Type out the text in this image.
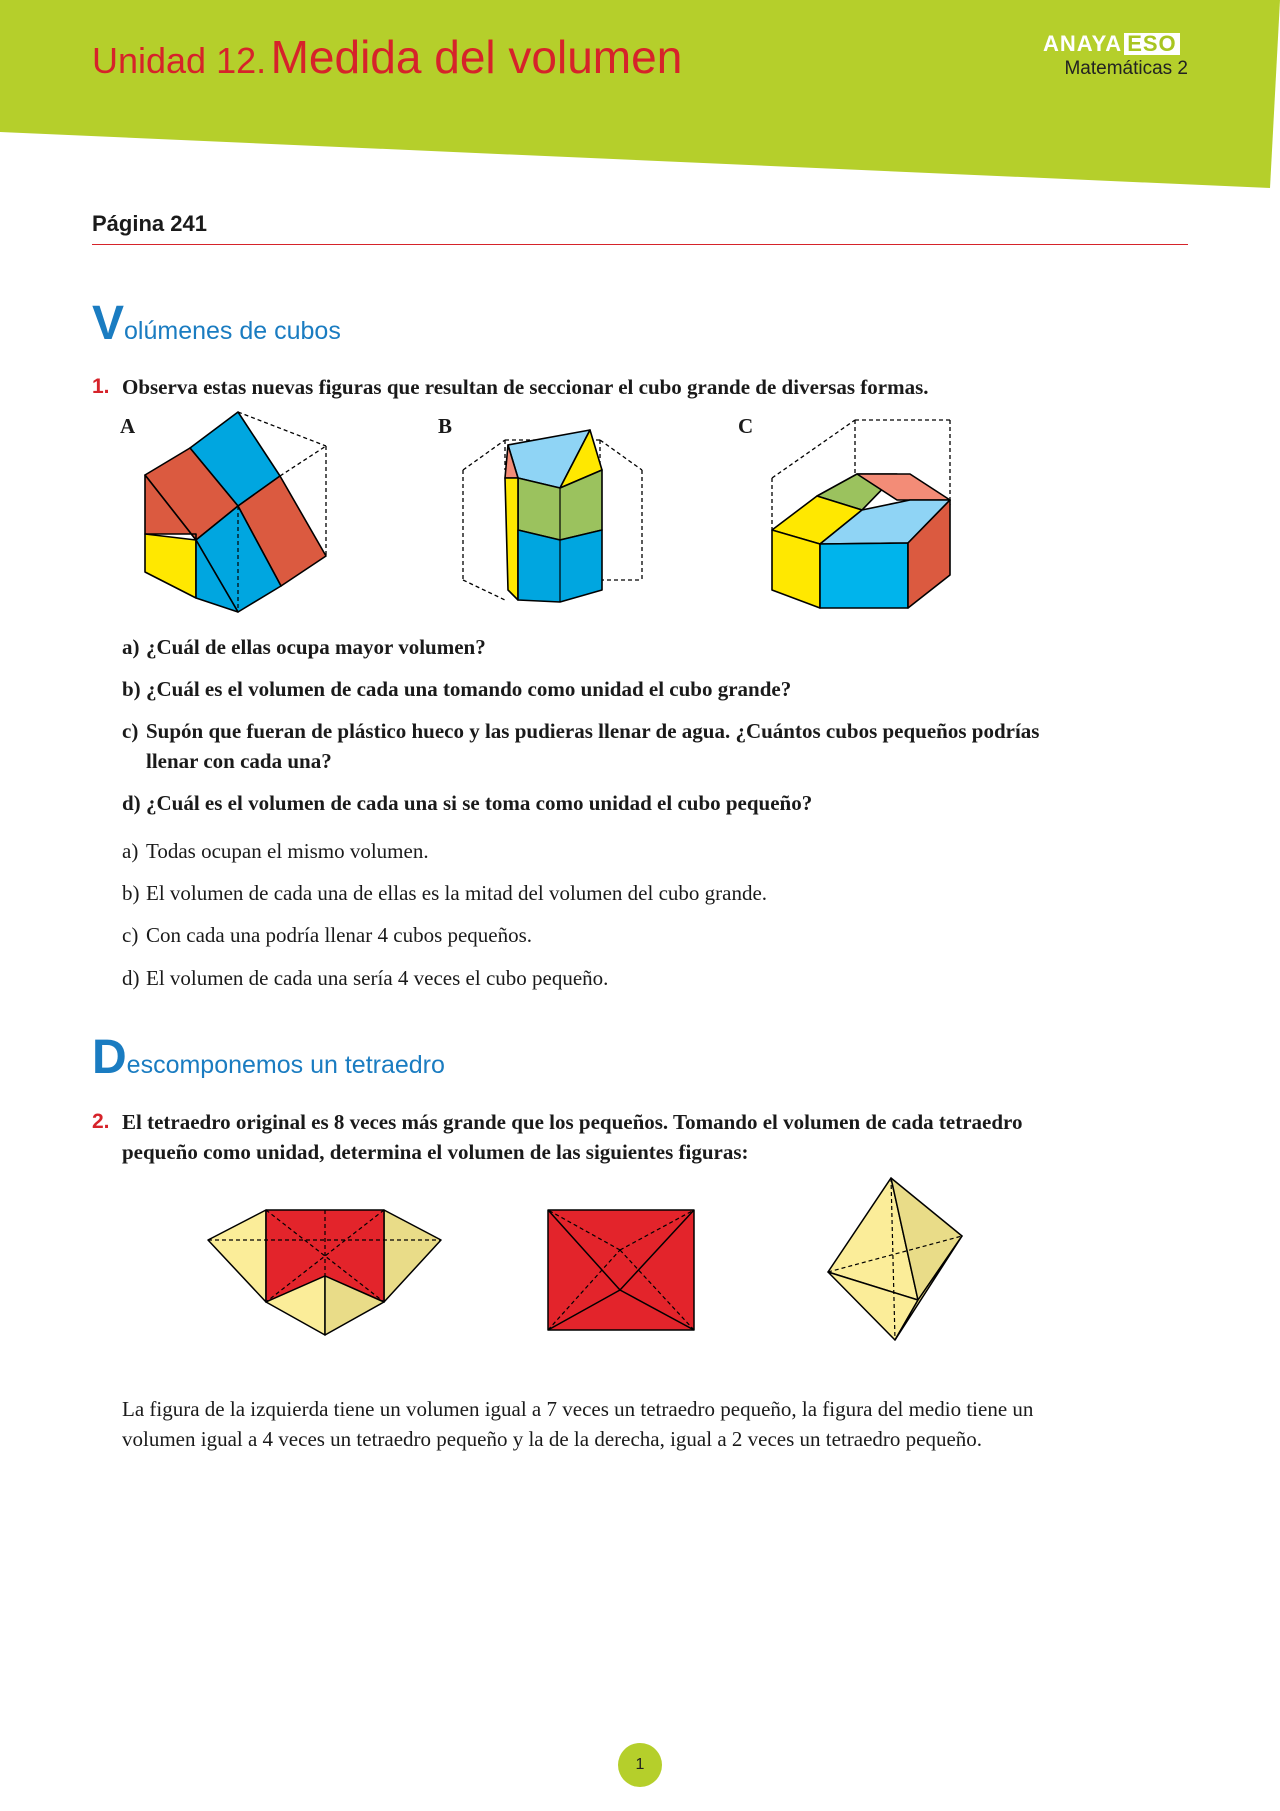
Unidad 12. Medida del volumen	ANAYA ESO
Matemáticas 2
Página 241
Volúmenes de cubos
1. Observa estas nuevas figuras que resultan de seccionar el cubo grande de diversas formas.
A	B	C
a) ¿Cuál de ellas ocupa mayor volumen?
b) ¿Cuál es el volumen de cada una tomando como unidad el cubo grande?
c) Supón que fueran de plástico hueco y las pudieras llenar de agua. ¿Cuántos cubos pequeños podrías llenar con cada una?
d) ¿Cuál es el volumen de cada una si se toma como unidad el cubo pequeño?
a) Todas ocupan el mismo volumen.
b) El volumen de cada una de ellas es la mitad del volumen del cubo grande.
c) Con cada una podría llenar 4 cubos pequeños.
d) El volumen de cada una sería 4 veces el cubo pequeño.
Descomponemos un tetraedro
2. El tetraedro original es 8 veces más grande que los pequeños. Tomando el volumen de cada tetraedro pequeño como unidad, determina el volumen de las siguientes figuras:
La figura de la izquierda tiene un volumen igual a 7 veces un tetraedro pequeño, la figura del medio tiene un volumen igual a 4 veces un tetraedro pequeño y la de la derecha, igual a 2 veces un tetraedro pequeño.
1
